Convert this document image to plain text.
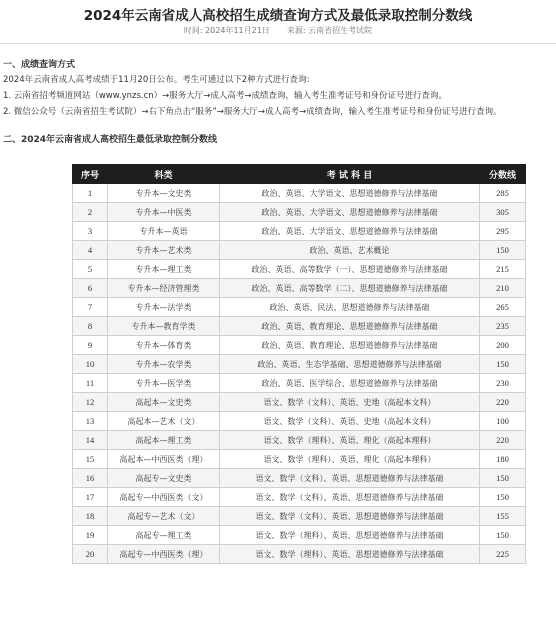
2024年云南省成人高校招生成绩查询方式及最低录取控制分数线
时间: 2024年11月21日 来源: 云南省招生考试院
一、成绩查询方式
2024年云南省成人高考成绩于11月20日公布。考生可通过以下2种方式进行查询:
1. 云南省招考频道网站（www.ynzs.cn）→服务大厅→成人高考→成绩查询，输入考生准考证号和身份证号进行查询。
2. 微信公众号（云南省招生考试院）→右下角点击“服务”→服务大厅→成人高考→成绩查询，输入考生准考证号和身份证号进行查询。
二、2024年云南省成人高校招生最低录取控制分数线
序号	科类	考 试 科 目	分数线
1	专升本—文史类	政治、英语、大学语文、思想道德修养与法律基础	285
2	专升本—中医类	政治、英语、大学语文、思想道德修养与法律基础	305
3	专升本—英语	政治、英语、大学语文、思想道德修养与法律基础	295
4	专升本—艺术类	政治、英语、艺术概论	150
5	专升本—理工类	政治、英语、高等数学（一）、思想道德修养与法律基础	215
6	专升本—经济管理类	政治、英语、高等数学（二）、思想道德修养与法律基础	210
7	专升本—法学类	政治、英语、民法、思想道德修养与法律基础	265
8	专升本—教育学类	政治、英语、教育理论、思想道德修养与法律基础	235
9	专升本—体育类	政治、英语、教育理论、思想道德修养与法律基础	200
10	专升本—农学类	政治、英语、生态学基础、思想道德修养与法律基础	150
11	专升本—医学类	政治、英语、医学综合、思想道德修养与法律基础	230
12	高起本—文史类	语文、数学（文科）、英语、史地（高起本文科）	220
13	高起本—艺术（文）	语文、数学（文科）、英语、史地（高起本文科）	100
14	高起本—理工类	语文、数学（理科）、英语、理化（高起本理科）	220
15	高起本—中西医类（理）	语文、数学（理科）、英语、理化（高起本理科）	180
16	高起专—文史类	语文、数学（文科）、英语、思想道德修养与法律基础	150
17	高起专—中西医类（文）	语文、数学（文科）、英语、思想道德修养与法律基础	150
18	高起专—艺术（文）	语文、数学（文科）、英语、思想道德修养与法律基础	155
19	高起专—理工类	语文、数学（理科）、英语、思想道德修养与法律基础	150
20	高起专—中西医类（理）	语文、数学（理科）、英语、思想道德修养与法律基础	225
